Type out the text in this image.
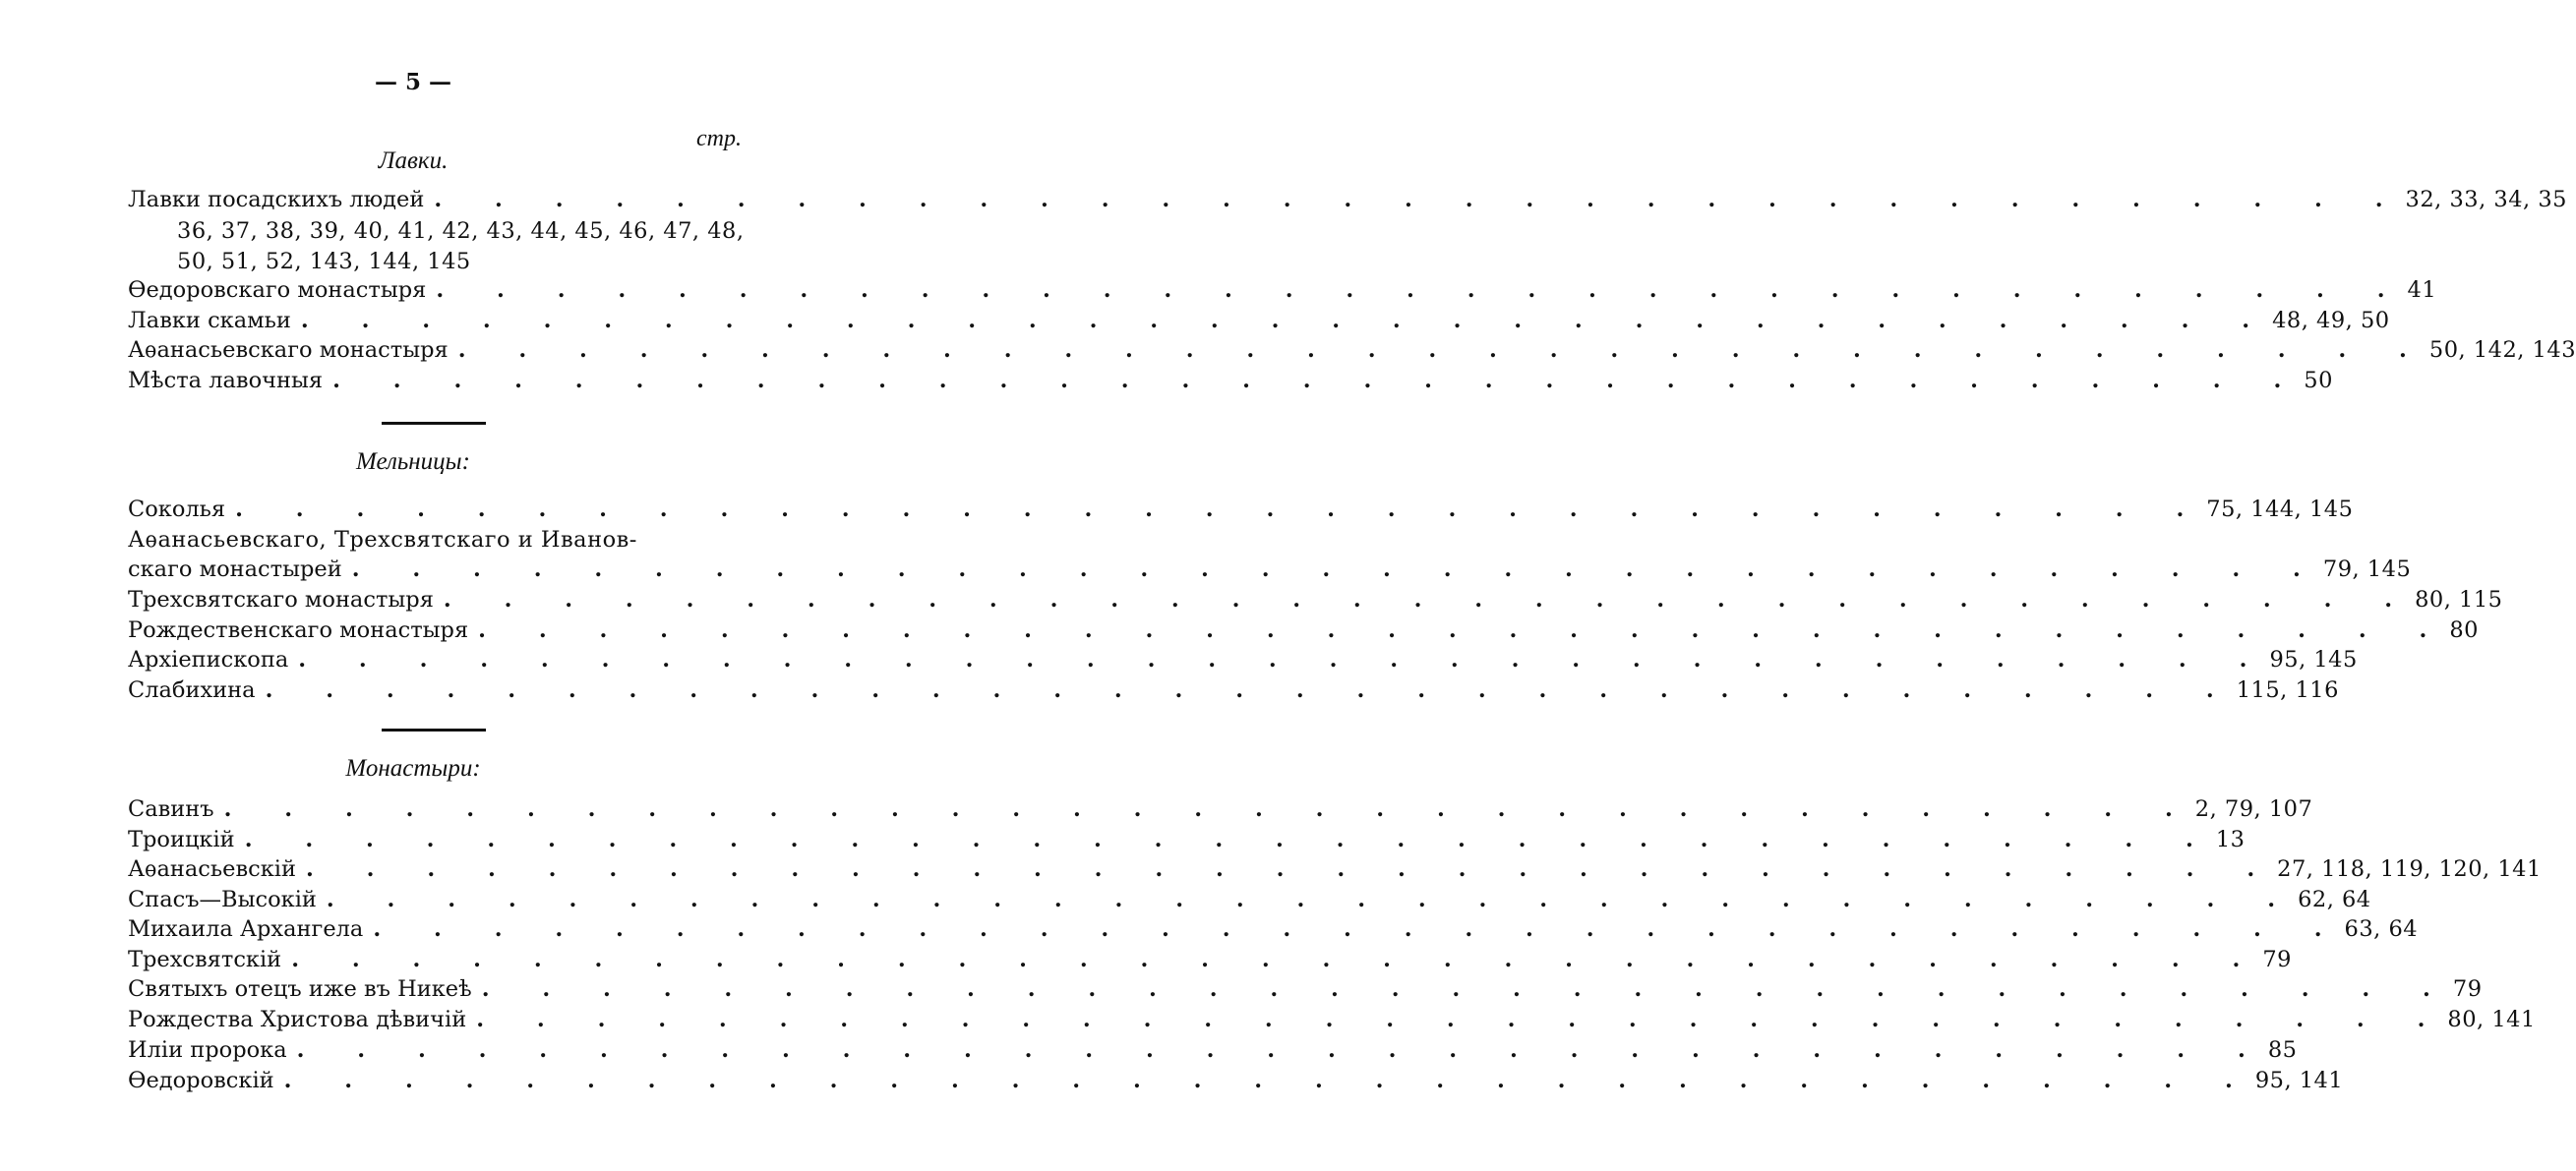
— 5 —
стр.
Лавки.
Лавки посадскихъ людей . . . . . . . . . . . . . . . . . . . . . . . . . . . . . . . . . 32, 33, 34, 35
36, 37, 38, 39, 40, 41, 42, 43, 44, 45, 46, 47, 48,
50, 51, 52, 143, 144, 145
Ѳедоровскаго монастыря . . . . . . . . . . . . . . . . . . . . . . . . . . . . . . . . . 41
Лавки скамьи . . . . . . . . . . . . . . . . . . . . . . . . . . . . . . . . . 48, 49, 50
Аѳанасьевскаго монастыря . . . . . . . . . . . . . . . . . . . . . . . . . . . . . . . . . 50, 142, 143
Мѣста лавочныя . . . . . . . . . . . . . . . . . . . . . . . . . . . . . . . . . 50
Мельницы:
Соколья . . . . . . . . . . . . . . . . . . . . . . . . . . . . . . . . . 75, 144, 145
Аѳанасьевскаго, Трехсвятскаго и Иванов-
скаго монастырей . . . . . . . . . . . . . . . . . . . . . . . . . . . . . . . . . 79, 145
Трехсвятскаго монастыря . . . . . . . . . . . . . . . . . . . . . . . . . . . . . . . . . 80, 115
Рождественскаго монастыря . . . . . . . . . . . . . . . . . . . . . . . . . . . . . . . . . 80
Архіепископа . . . . . . . . . . . . . . . . . . . . . . . . . . . . . . . . . 95, 145
Слабихина . . . . . . . . . . . . . . . . . . . . . . . . . . . . . . . . . 115, 116
Монастыри:
Савинъ . . . . . . . . . . . . . . . . . . . . . . . . . . . . . . . . . 2, 79, 107
Троицкій . . . . . . . . . . . . . . . . . . . . . . . . . . . . . . . . . 13
Аѳанасьевскій . . . . . . . . . . . . . . . . . . . . . . . . . . . . . . . . . 27, 118, 119, 120, 141
Спасъ—Высокій . . . . . . . . . . . . . . . . . . . . . . . . . . . . . . . . . 62, 64
Михаила Архангела . . . . . . . . . . . . . . . . . . . . . . . . . . . . . . . . . 63, 64
Трехсвятскій . . . . . . . . . . . . . . . . . . . . . . . . . . . . . . . . . 79
Святыхъ отецъ иже въ Никеѣ . . . . . . . . . . . . . . . . . . . . . . . . . . . . . . . . . 79
Рождества Христова дѣвичій . . . . . . . . . . . . . . . . . . . . . . . . . . . . . . . . . 80, 141
Иліи пророка . . . . . . . . . . . . . . . . . . . . . . . . . . . . . . . . . 85
Ѳедоровскій . . . . . . . . . . . . . . . . . . . . . . . . . . . . . . . . . 95, 141
